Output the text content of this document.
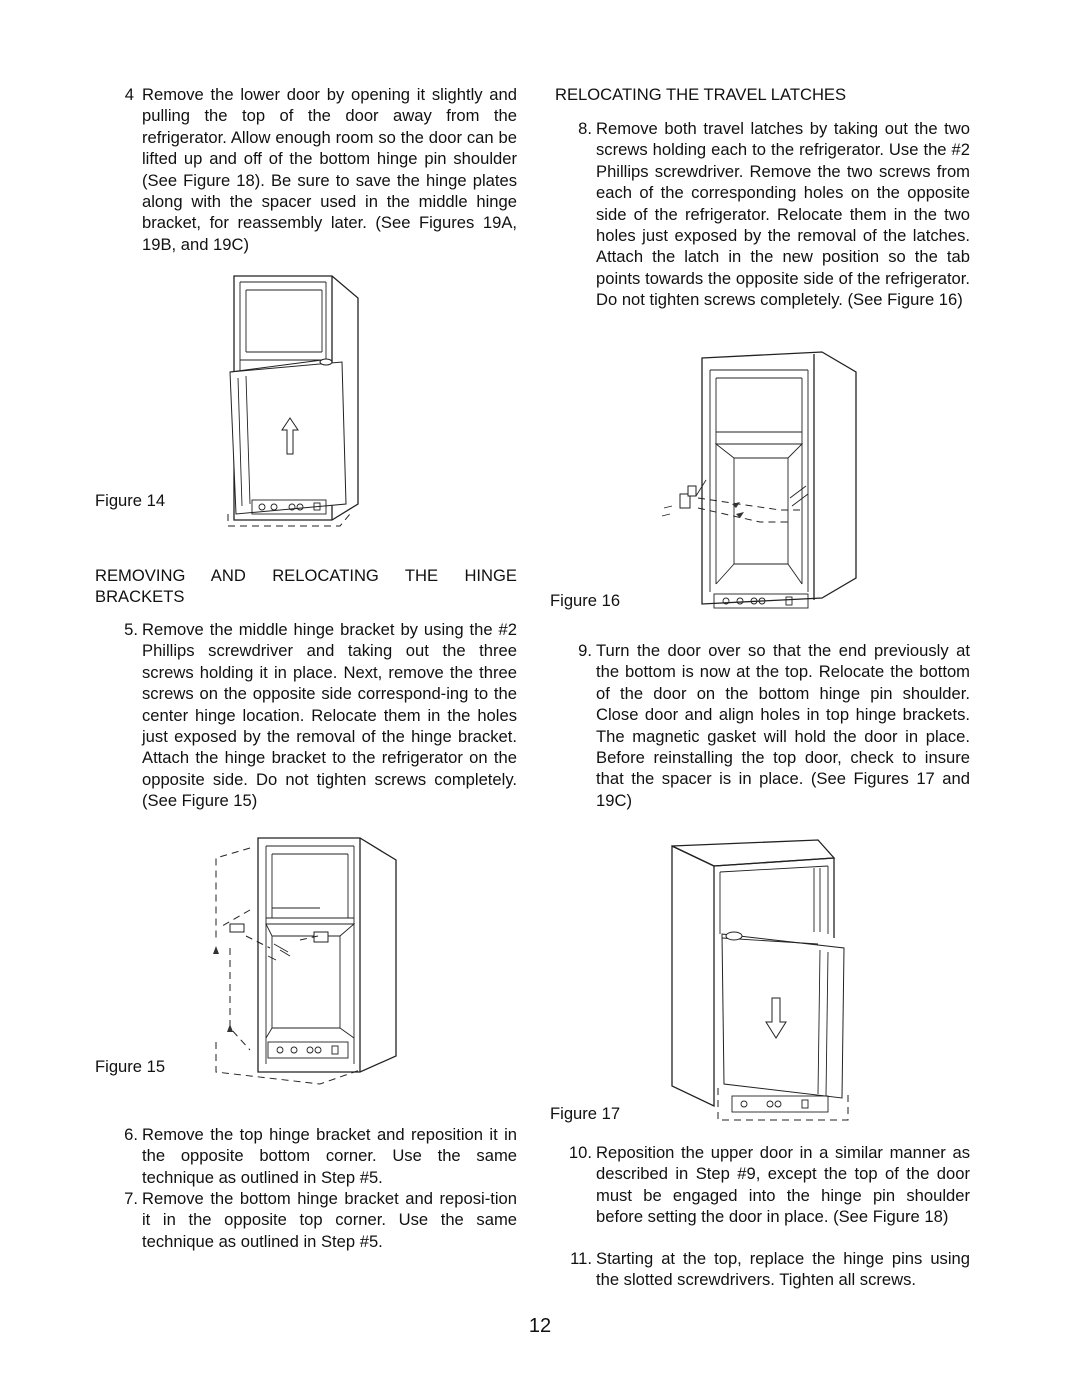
4 Remove the lower door by opening it slightly and pulling the top of the door away from the refrigerator. Allow enough room so the door can be lifted up and off of the bottom hinge pin shoulder (See Figure 18). Be sure to save the hinge plates along with the spacer used in the middle hinge bracket, for reassembly later. (See Figures 19A, 19B, and 19C)
Figure 14
REMOVING AND RELOCATING THE HINGE BRACKETS
5. Remove the middle hinge bracket by using the #2 Phillips screwdriver and taking out the three screws holding it in place. Next, remove the three screws on the opposite side correspond-ing to the center hinge location. Relocate them in the holes just exposed by the removal of the hinge bracket. Attach the hinge bracket to the refrigerator on the opposite side. Do not tighten screws completely. (See Figure 15)
Figure 15
6. Remove the top hinge bracket and reposition it in the opposite bottom corner. Use the same technique as outlined in Step #5.
7. Remove the bottom hinge bracket and reposi-tion it in the opposite top corner. Use the same technique as outlined in Step #5.
RELOCATING THE TRAVEL LATCHES
8. Remove both travel latches by taking out the two screws holding each to the refrigerator. Use the #2 Phillips screwdriver. Remove the two screws from each of the corresponding holes on the opposite side of the refrigerator. Relocate them in the two holes just exposed by the removal of the latches. Attach the latch in the new position so the tab points towards the opposite side of the refrigerator. Do not tighten screws completely. (See Figure 16)
Figure 16
9. Turn the door over so that the end previously at the bottom is now at the top. Relocate the bottom of the door on the bottom hinge pin shoulder. Close door and align holes in top hinge brackets. The magnetic gasket will hold the door in place. Before reinstalling the top door, check to insure that the spacer is in place. (See Figures 17 and 19C)
Figure 17
10. Reposition the upper door in a similar manner as described in Step #9, except the top of the door must be engaged into the hinge pin shoulder before setting the door in place. (See Figure 18)
11. Starting at the top, replace the hinge pins using the slotted screwdrivers. Tighten all screws.
12
